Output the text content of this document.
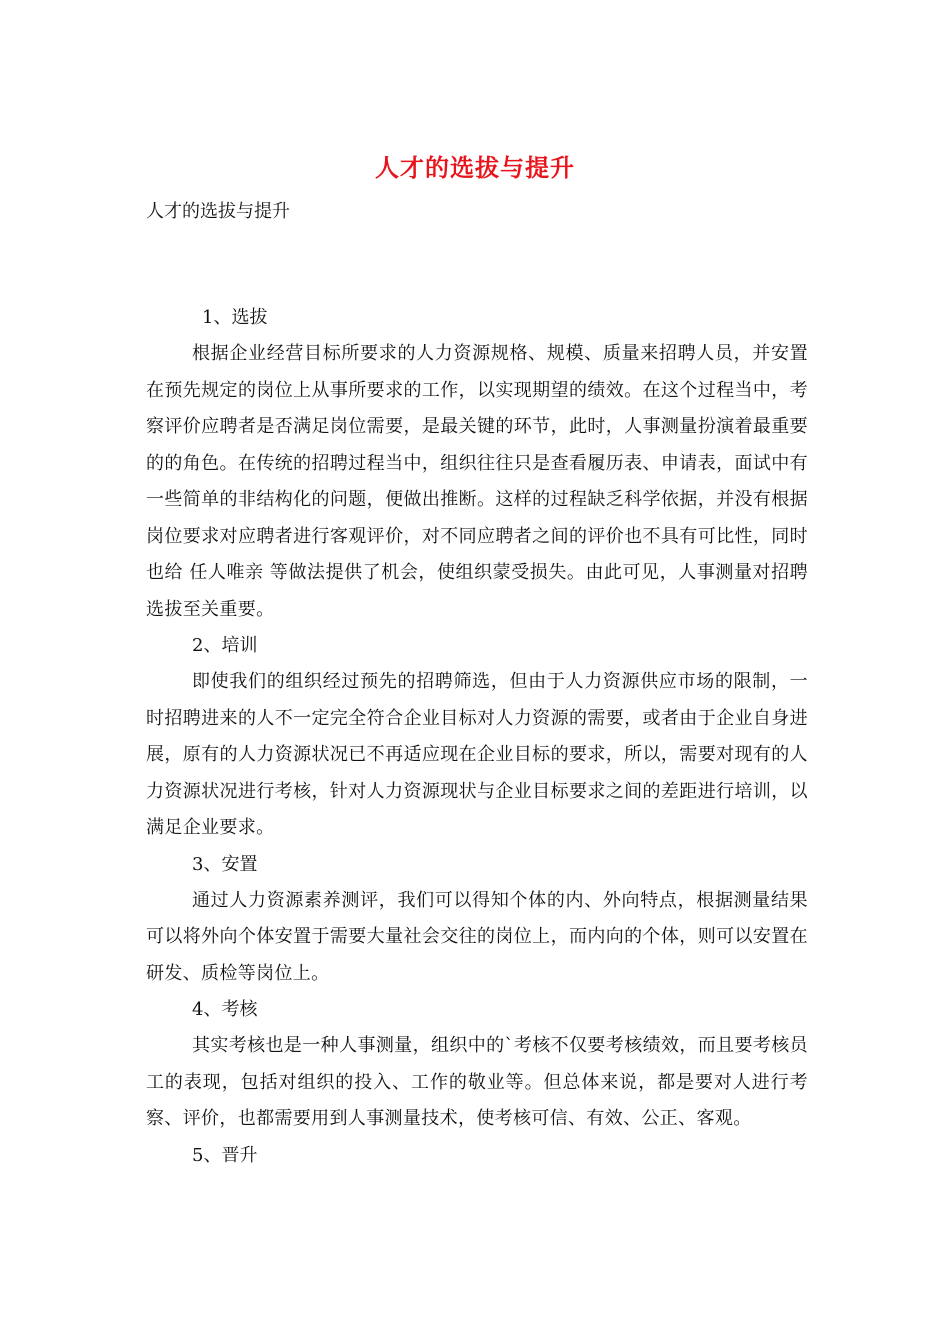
人才的选拔与提升

人才的选拔与提升

1、选拔

根据企业经营目标所要求的人力资源规格、规模、质量来招聘人员，并安置在预先规定的岗位上从事所要求的工作，以实现期望的绩效。在这个过程当中，考察评价应聘者是否满足岗位需要，是最关键的环节，此时，人事测量扮演着最重要的的角色。在传统的招聘过程当中，组织往往只是查看履历表、申请表，面试中有一些简单的非结构化的问题，便做出推断。这样的过程缺乏科学依据，并没有根据岗位要求对应聘者进行客观评价，对不同应聘者之间的评价也不具有可比性，同时也给 任人唯亲 等做法提供了机会，使组织蒙受损失。由此可见，人事测量对招聘选拔至关重要。

2、培训

即使我们的组织经过预先的招聘筛选，但由于人力资源供应市场的限制，一时招聘进来的人不一定完全符合企业目标对人力资源的需要，或者由于企业自身进展，原有的人力资源状况已不再适应现在企业目标的要求，所以，需要对现有的人力资源状况进行考核，针对人力资源现状与企业目标要求之间的差距进行培训，以满足企业要求。

3、安置

通过人力资源素养测评，我们可以得知个体的内、外向特点，根据测量结果可以将外向个体安置于需要大量社会交往的岗位上，而内向的个体，则可以安置在研发、质检等岗位上。

4、考核

其实考核也是一种人事测量，组织中的`考核不仅要考核绩效，而且要考核员工的表现，包括对组织的投入、工作的敬业等。但总体来说，都是要对人进行考察、评价，也都需要用到人事测量技术，使考核可信、有效、公正、客观。

5、晋升
